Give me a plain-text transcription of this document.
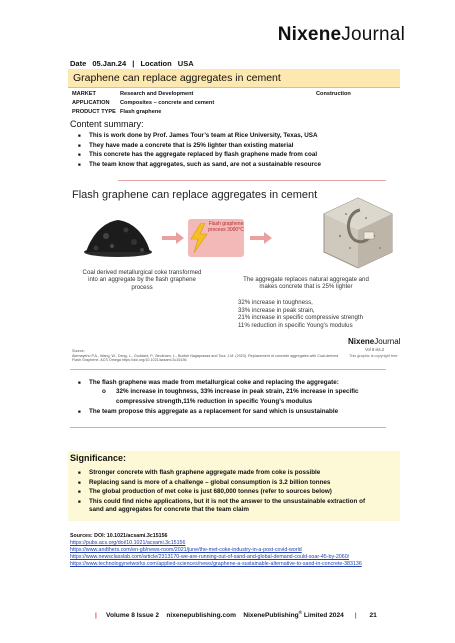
NixeneJournal
Date 05.Jan.24 | Location USA
Graphene can replace aggregates in cement
MARKET	Research and Development	Construction
APPLICATION	Composites – concrete and cement
PRODUCT TYPE Flash graphene
Content summary:
■ This is work done by Prof. James Tour’s team at Rice University, Texas, USA
■ They have made a concrete that is 25% lighter than existing material
■ This concrete has the aggregate replaced by flash graphene made from coal
■ The team know that aggregates, such as sand, are not a sustainable resource
Flash graphene can replace aggregates in cement
Flash graphene process 3000°C
Coal derived metallurgical coke transformed into an aggregate by the flash graphene process
The aggregate replaces natural aggregate and makes concrete that is 25% lighter
32% increase in toughness,
33% increase in peak strain,
21% increase in specific compressive strength
11% reduction in specific Young’s modulus
Source:
Alemayehu P.A., Wang, W., Deng, L., Goddard, P., Beckham, L., Budish Nagaprasad and Tour, J.M. (2023). Replacement of concrete aggregates with Coal-derived Flash Graphene. ACS Omega https://doi.org/10.1021/acsami.3c15156
NixeneJournal
Vol 8 iss.2
This graphic is copyright free
■ The flash graphene was made from metallurgical coke and replacing the aggregate:
o 32% increase in toughness, 33% increase in peak strain, 21% increase in specific
compressive strength,11% reduction in specific Young’s modulus
■ The team propose this aggregate as a replacement for sand which is unsustainable
Significance:
■ Stronger concrete with flash graphene aggregate made from coke is possible
■ Replacing sand is more of a challenge – global consumption is 3.2 billion tonnes
■ The global production of met coke is just 680,000 tonnes (refer to sources below)
■ This could find niche applications, but it is not the answer to the unsustainable extraction of
sand and aggregates for concrete that the team claim
Sources: DOI: 10.1021/acsami.3c15156
https://pubs.acs.org/doi/10.1021/acsami.3c15156
https://www.andthers.com/en-gb/news-room/2021/june/the-met-coke-industry-in-a-post-covid-world
https://www.newsclasslab.com/article/2313170-we-are-running-out-of-sand-and-global-demand-could-soar-45-by-2060/
https://www.technologynetworks.com/applied-sciences/news/graphene-a-sustainable-alternative-to-sand-in-concrete-383136
| Volume 8 Issue 2 nixenepublishing.com NixenePublishing® Limited 2024 | 21
